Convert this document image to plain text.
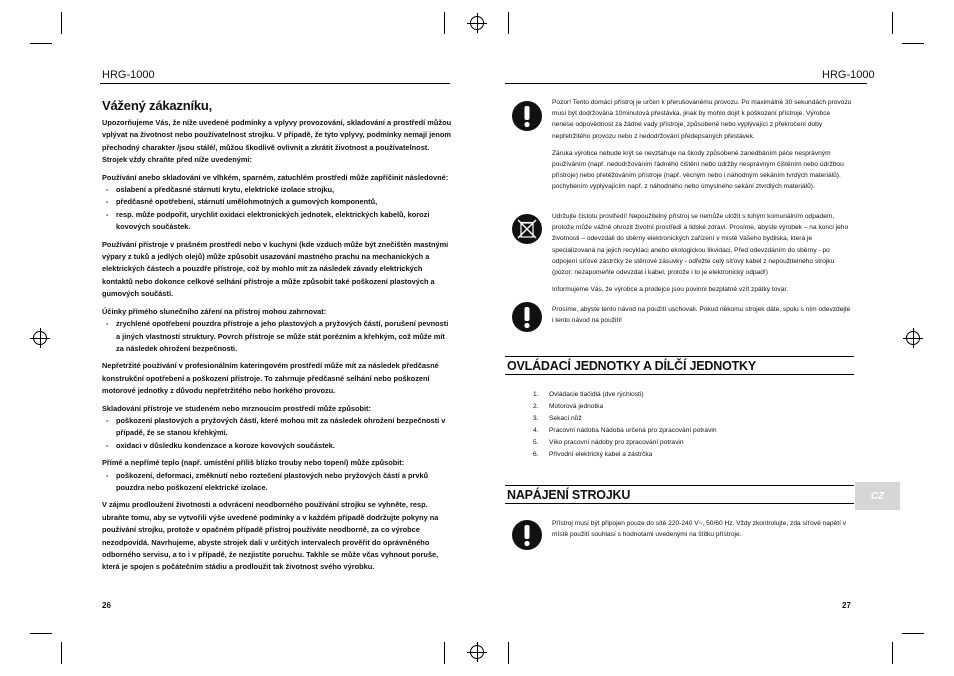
HRG-1000	HRG-1000
Vážený zákazníku,
Upozorňujeme Vás, že níže uvedené podmínky a vplyvy provozování, skladování a prostředí můžou vplývat na životnost nebo používatelnost strojku. V případě, že tyto vplyvy, podmínky nemají jenom přechodný charakter /jsou stálé/, můžou škodlivě ovlivnit a zkrátit životnost a používatelnost. Strojek vždy chraňte před níže uvedenými:
Používání anebo skladování ve vlhkém, sparném, zatuchlém prostředí může zapříčinit následovné:
- oslabení a předčasné stárnutí krytu, elektrické izolace strojku,
- předčasné opotřebení, stárnutí umělohmotných a gumových komponentů,
- resp. může podpořit, urychlit oxidaci elektronických jednotek, elektrických kabelů, korozi kovových součástek.
Používání přístroje v prašném prostředí nebo v kuchyni (kde vzduch může být znečištěn mastnými výpary z tuků a jedlých olejů) může způsobit usazování mastného prachu na mechanických a elektrických částech a pouzdře přístroje, což by mohlo mít za následek závady elektrických kontaktů nebo dokonce celkové selhání přístroje a může způsobit také poškození plastových a gumových součástí.
Účinky přímého slunečního záření na přístroj mohou zahrnovat:
- zrychlené opotřebení pouzdra přístroje a jeho plastových a pryžových částí, porušení pevnosti a jiných vlastností struktury. Povrch přístroje se může stát porézním a křehkým, což může mít za následek ohrožení bezpečnosti.
Nepřetržité používání v profesionálním kateringovém prostředí může mít za následek předčasné konstrukční opotřebení a poškození přístroje. To zahrnuje předčasné selhání nebo poškození motorové jednotky z důvodu nepřetržitého nebo horkého provozu.
Skladování přístroje ve studeném nebo mrznoucím prostředí může způsobit:
- poškození plastových a pryžových částí, které mohou mít za následek ohrožení bezpečnosti v případě, že se stanou křehkými.
- oxidaci v důsledku kondenzace a koroze kovových součástek.
Přímé a nepřímé teplo (např. umístění příliš blízko trouby nebo topení) může způsobit:
- poškození, deformaci, změknutí nebo roztečení plastových nebo pryžových částí a prvků pouzdra nebo poškození elektrické izolace.
V zájmu prodloužení životnosti a odvrácení neodborného používání strojku se vyhněte, resp. ubraňte tomu, aby se vytvořili výše uvedené podmínky a v každém případě dodržujte pokyny na používání strojku, protože v opačném případě přístroj používáte neodborně, za co výrobce nezodpovídá. Navrhujeme, abyste strojek dali v určitých intervalech prověřit do oprávněného odborného servisu, a to i v případě, že nezjistíte poruchu. Takhle se může včas vyhnout poruše, která je spojen s počátečním stádiu a prodloužit tak životnost svého výrobku.
26

Pozor! Tento domácí přístroj je určen k přerušovanému provozu. Po maximálně 30 sekundách provozu musí být dodržována 10minutová přestávka, jinak by mohlo dojít k poškození přístroje. Výrobce nenese odpovědnost za žádné vady přístroje, způsobené nebo vyplývající z překročení doby nepřetržitého provozu nebo z nedodržování předepsaných přestávek.

Záruka výrobce nebude krýt se nevztahuje na škody způsobené zanedbáním péče nesprávným používáním (např. nedodržováním řádného čištění nebo údržby nesprávným čištěním nebo údržbou přístroje) nebo přetěžováním přístroje (např. věcným nebo i náhodným sekáním tvrdých materiálů). pochybením vyplývajícím např. z náhodného nebo úmyslného sekání ztvrdlých materiálů).

Udržujte čistotu prostředí! Nepoužitelný přístroj se nemůže uložit s tuhým komunálním odpadem, protože může vážně ohrozit životní prostředí a lidské zdraví. Prosíme, abyste výrobek – na konci jeho životnosti – odevzdali do sběrny elektronických zařízení v místě Vašeho bydliska, která je specializovaná na jejich recyklaci anebo ekologickou likvidaci. Před odevzdáním do sběrny - po odpojení síťové zástrčky ze stěnové zásuvky - odřežte celý síťový kabel z nepoužitelného strojku (pozor: nezapomeňte odevzdat i kabel, protože i to je elektronický odpad!)

Informujeme Vás, že výrobce a prodejce jsou povinni bezplatně vzít zpátky tovar.

Prosíme, abyste tento návod na použití uschovali. Pokud někomu strojek dáte, spolu s ním odevzdejte i tento návod na použití!

OVLÁDACÍ JEDNOTKY A DÍLČÍ JEDNOTKY
1. Ovládacie tlačidlá (dve rýchlosti)
2. Motorová jednotka
3. Sekací nůž
4. Pracovní nádoba Nádoba určená pro zpracování potravin
5. Víko pracovní nádoby pro zpracování potravin
6. Přívodní elektrický kabel a zástrčka
NAPÁJENÍ STROJKU

Přístroj musí být připojen pouze do sítě 220-240 V~, 50/60 Hz. Vždy zkontrolujte, zda síťové napětí v místě použití souhlasí s hodnotami uvedenými na štítku přístroje.

CZ
27
